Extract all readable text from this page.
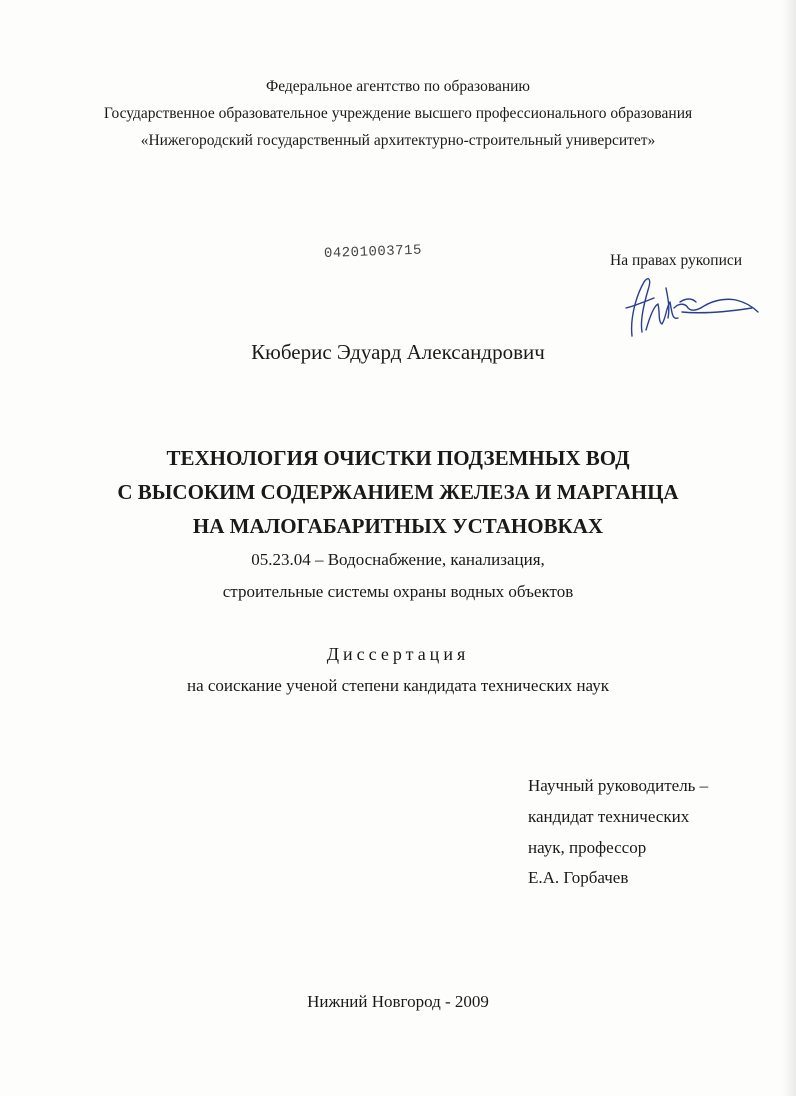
Федеральное агентство по образованию
Государственное образовательное учреждение высшего профессионального образования
«Нижегородский государственный архитектурно-строительный университет»
04201003715	На правах рукописи
Кюберис Эдуард Александрович
ТЕХНОЛОГИЯ ОЧИСТКИ ПОДЗЕМНЫХ ВОД
С ВЫСОКИМ СОДЕРЖАНИЕМ ЖЕЛЕЗА И МАРГАНЦА
НА МАЛОГАБАРИТНЫХ УСТАНОВКАХ
05.23.04 – Водоснабжение, канализация,
строительные системы охраны водных объектов
Диссертация
на соискание ученой степени кандидата технических наук
Научный руководитель –
кандидат технических
наук, профессор
Е.А. Горбачев
Нижний Новгород - 2009
